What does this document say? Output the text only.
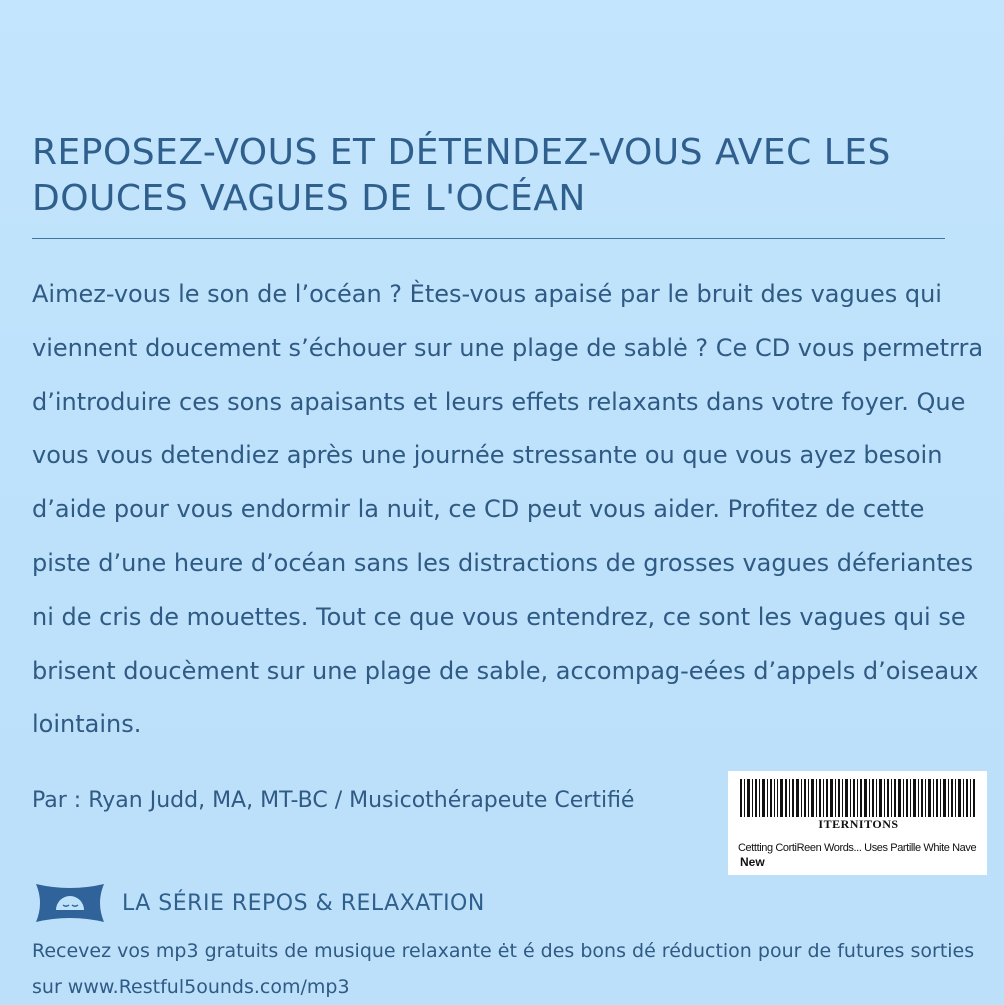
REPOSEZ-VOUS ET DÉTENDEZ-VOUS AVEC LES DOUCES VAGUES DE L'OCÉAN

Aimez-vous le son de l’océan ? Ètes-vous apaisé par le bruit des vagues qui
viennent doucement s’échouer sur une plage de sablė ? Ce CD vous permetrra
d’introduire ces sons apaisants et leurs effets relaxants dans votre foyer. Que
vous vous detendiez après une journée stressante ou que vous ayez besoin
d’aide pour vous endormir la nuit, ce CD peut vous aider. Profitez de cette
piste d’une heure d’océan sans les distractions de grosses vagues déferiantes
ni de cris de mouettes. Tout ce que vous entendrez, ce sont les vagues qui se
brisent doucèment sur une plage de sable, accompag-eées d’appels d’oiseaux
lointains.

Par : Ryan Judd, MA, MT-BC / Musicothérapeute Certifié

ITERNITONS
Cettting CortiReen Words... Uses Partille White Nave
New
LA SÉRIE REPOS & RELAXATION

Recevez vos mp3 gratuits de musique relaxante ėt é des bons dé réduction pour de futures sorties
sur www.Restful5ounds.com/mp3
